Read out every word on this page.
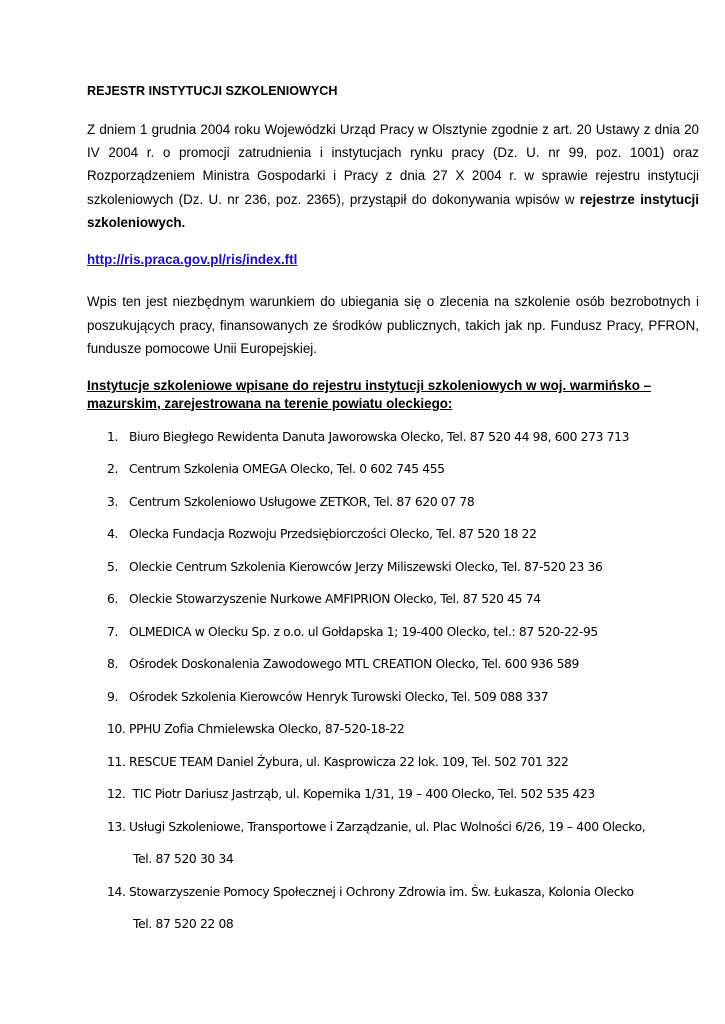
REJESTR INSTYTUCJI SZKOLENIOWYCH

Z dniem 1 grudnia 2004 roku Wojewódzki Urząd Pracy w Olsztynie zgodnie z art. 20 Ustawy z dnia 20 IV 2004 r. o promocji zatrudnienia i instytucjach rynku pracy (Dz. U. nr 99, poz. 1001) oraz Rozporządzeniem Ministra Gospodarki i Pracy z dnia 27 X 2004 r. w sprawie rejestru instytucji szkoleniowych (Dz. U. nr 236, poz. 2365), przystąpił do dokonywania wpisów w rejestrze instytucji szkoleniowych.

http://ris.praca.gov.pl/ris/index.ftl

Wpis ten jest niezbędnym warunkiem do ubiegania się o zlecenia na szkolenie osób bezrobotnych i poszukujących pracy, finansowanych ze środków publicznych, takich jak np. Fundusz Pracy, PFRON, fundusze pomocowe Unii Europejskiej.

Instytucje szkoleniowe wpisane do rejestru instytucji szkoleniowych w woj. warmińsko – mazurskim, zarejestrowana na terenie powiatu oleckiego:

1. Biuro Biegłego Rewidenta Danuta Jaworowska Olecko, Tel. 87 520 44 98, 600 273 713
2. Centrum Szkolenia OMEGA Olecko, Tel. 0 602 745 455
3. Centrum Szkoleniowo Usługowe ZETKOR, Tel. 87 620 07 78
4. Olecka Fundacja Rozwoju Przedsiębiorczości Olecko, Tel. 87 520 18 22
5. Oleckie Centrum Szkolenia Kierowców Jerzy Miliszewski Olecko, Tel. 87-520 23 36
6. Oleckie Stowarzyszenie Nurkowe AMFIPRION Olecko, Tel. 87 520 45 74
7. OLMEDICA w Olecku Sp. z o.o. ul Gołdapska 1; 19-400 Olecko, tel.: 87 520-22-95
8. Ośrodek Doskonalenia Zawodowego MTL CREATION Olecko, Tel. 600 936 589
9. Ośrodek Szkolenia Kierowców Henryk Turowski Olecko, Tel. 509 088 337
10. PPHU Zofia Chmielewska Olecko, 87-520-18-22
11. RESCUE TEAM Daniel Żybura, ul. Kasprowicza 22 lok. 109, Tel. 502 701 322
12. TIC Piotr Dariusz Jastrząb, ul. Kopernika 1/31, 19 – 400 Olecko, Tel. 502 535 423
13. Usługi Szkoleniowe, Transportowe i Zarządzanie, ul. Plac Wolności 6/26, 19 – 400 Olecko,
Tel. 87 520 30 34
14. Stowarzyszenie Pomocy Społecznej i Ochrony Zdrowia im. Św. Łukasza, Kolonia Olecko
Tel. 87 520 22 08
